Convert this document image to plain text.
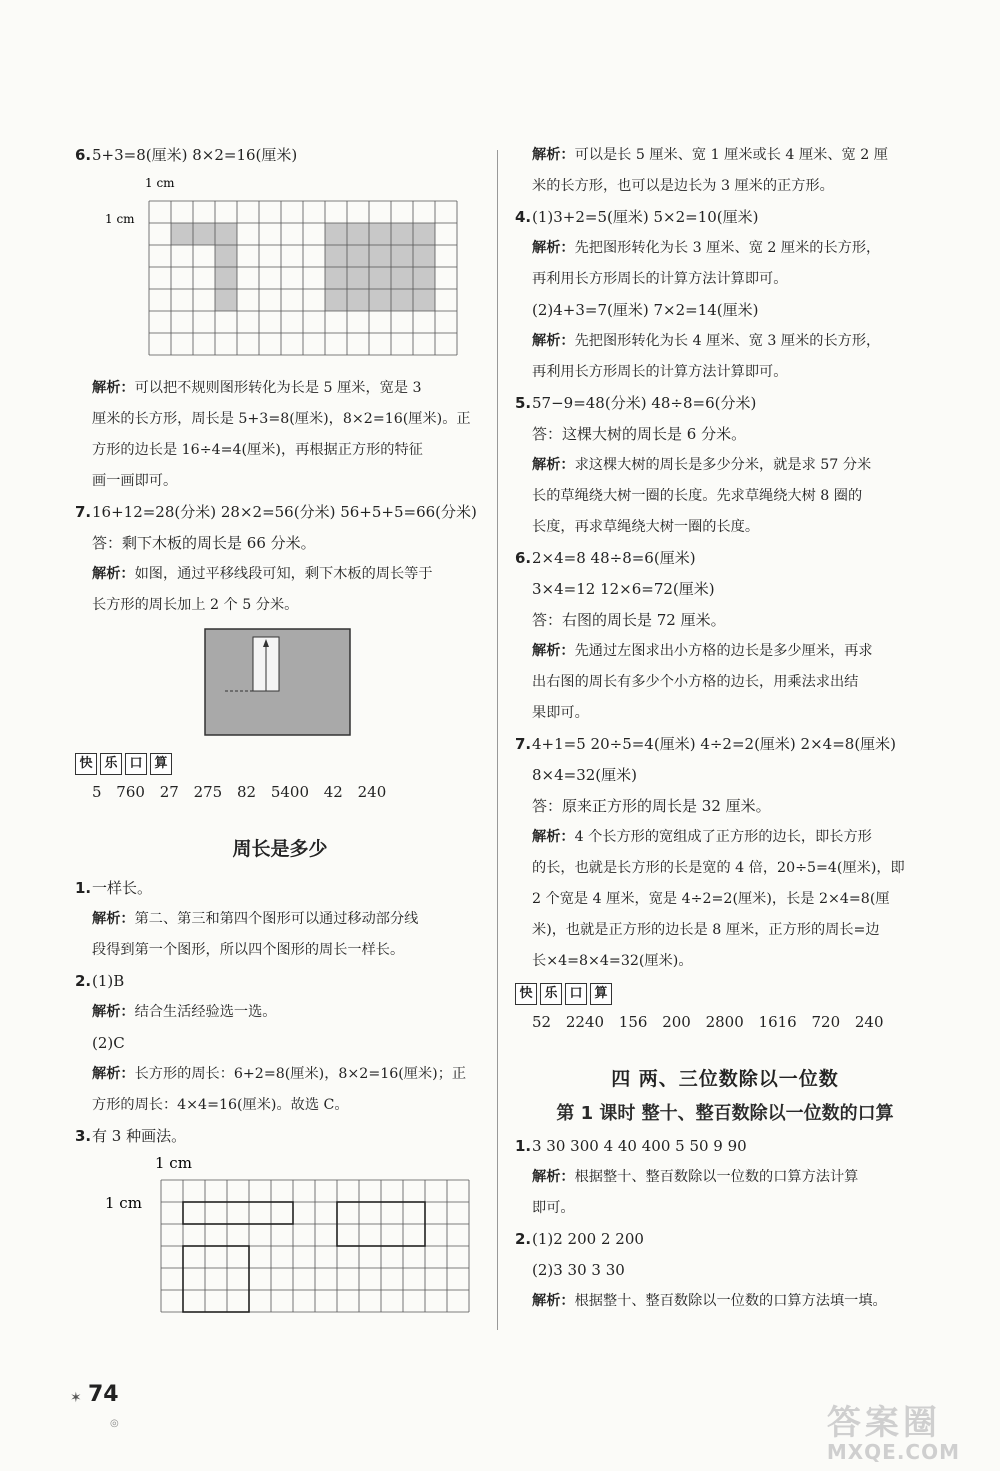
6.5+3=8(厘米) 8×2=16(厘米)
1 cm
1 cm
解析：可以把不规则图形转化为长是 5 厘米，宽是 3
厘米的长方形，周长是 5+3=8(厘米)，8×2=16(厘米)。正
方形的边长是 16÷4=4(厘米)，再根据正方形的特征
画一画即可。
7.16+12=28(分米) 28×2=56(分米) 56+5+5=66(分米)
答：剩下木板的周长是 66 分米。
解析：如图，通过平移线段可知，剩下木板的周长等于
长方形的周长加上 2 个 5 分米。
快 乐 口 算
5 760 27 275 82 5400 42 240
周长是多少
1.一样长。
解析：第二、第三和第四个图形可以通过移动部分线
段得到第一个图形，所以四个图形的周长一样长。
2.(1)B
解析：结合生活经验选一选。
(2)C
解析：长方形的周长：6+2=8(厘米)，8×2=16(厘米)；正
方形的周长：4×4=16(厘米)。故选 C。
3.有 3 种画法。
1 cm
1 cm
解析：可以是长 5 厘米、宽 1 厘米或长 4 厘米、宽 2 厘
米的长方形，也可以是边长为 3 厘米的正方形。
4.(1)3+2=5(厘米) 5×2=10(厘米)
解析：先把图形转化为长 3 厘米、宽 2 厘米的长方形，
再利用长方形周长的计算方法计算即可。
(2)4+3=7(厘米) 7×2=14(厘米)
解析：先把图形转化为长 4 厘米、宽 3 厘米的长方形，
再利用长方形周长的计算方法计算即可。
5.57−9=48(分米) 48÷8=6(分米)
答：这棵大树的周长是 6 分米。
解析：求这棵大树的周长是多少分米，就是求 57 分米
长的草绳绕大树一圈的长度。先求草绳绕大树 8 圈的
长度，再求草绳绕大树一圈的长度。
6.2×4=8 48÷8=6(厘米)
3×4=12 12×6=72(厘米)
答：右图的周长是 72 厘米。
解析：先通过左图求出小方格的边长是多少厘米，再求
出右图的周长有多少个小方格的边长，用乘法求出结
果即可。
7.4+1=5 20÷5=4(厘米) 4÷2=2(厘米) 2×4=8(厘米)
8×4=32(厘米)
答：原来正方形的周长是 32 厘米。
解析：4 个长方形的宽组成了正方形的边长，即长方形
的长，也就是长方形的长是宽的 4 倍，20÷5=4(厘米)，即
2 个宽是 4 厘米，宽是 4÷2=2(厘米)，长是 2×4=8(厘
米)，也就是正方形的边长是 8 厘米，正方形的周长=边
长×4=8×4=32(厘米)。
快 乐 口 算
52 2240 156 200 2800 1616 720 240
四 两、三位数除以一位数
第 1 课时 整十、整百数除以一位数的口算
1.3 30 300 4 40 400 5 50 9 90
解析：根据整十、整百数除以一位数的口算方法计算
即可。
2.(1)2 200 2 200
(2)3 30 3 30
解析：根据整十、整百数除以一位数的口算方法填一填。
✶ 74
◎	答案圈
MXQE.COM
